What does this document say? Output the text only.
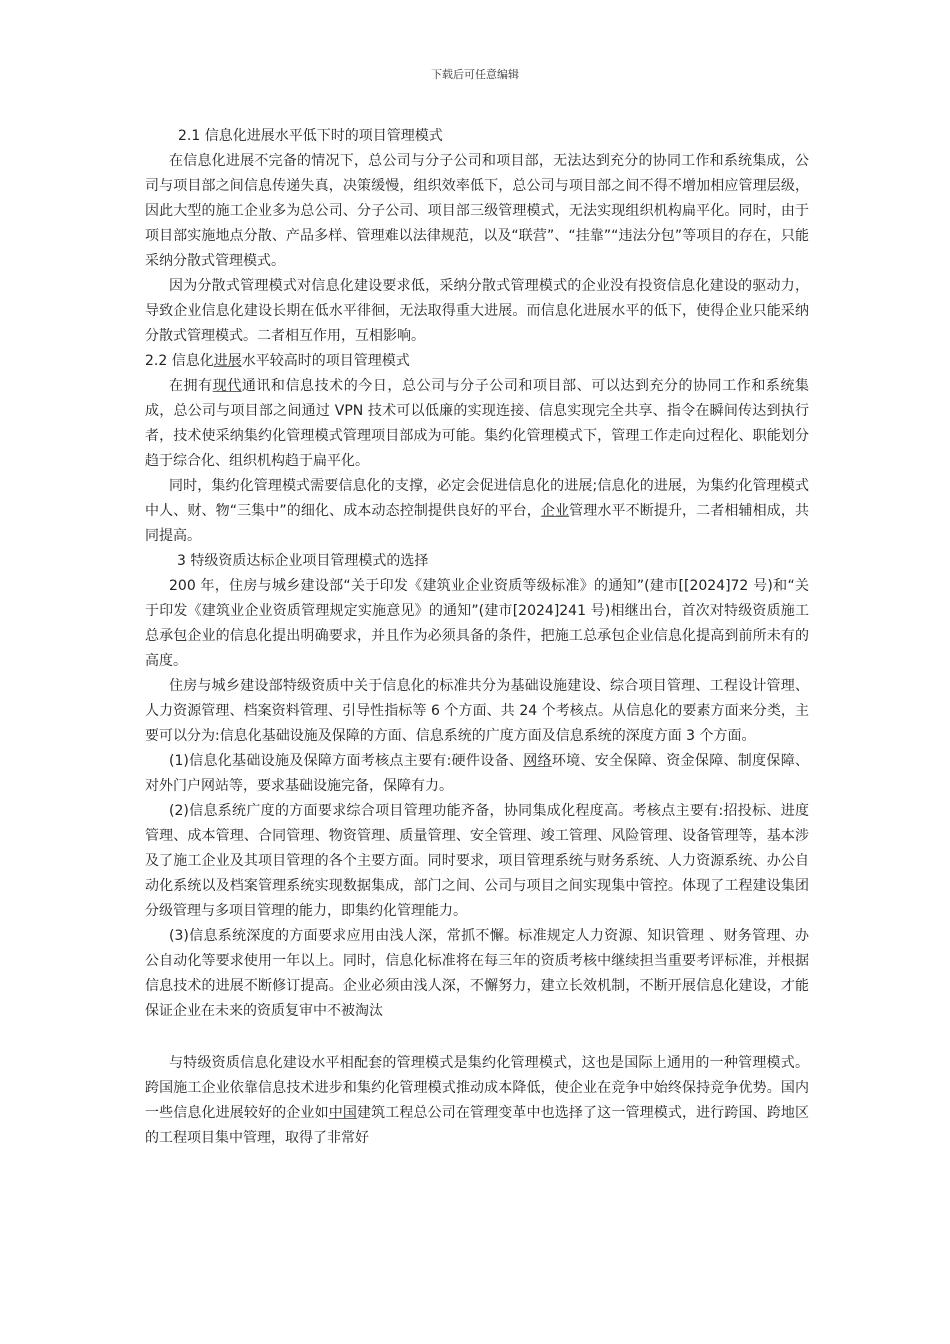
下载后可任意编辑

2.1 信息化进展水平低下时的项目管理模式

在信息化进展不完备的情况下，总公司与分子公司和项目部，无法达到充分的协同工作和系统集成，公司与项目部之间信息传递失真，决策缓慢，组织效率低下，总公司与项目部之间不得不增加相应管理层级，因此大型的施工企业多为总公司、分子公司、项目部三级管理模式，无法实现组织机构扁平化。同时，由于项目部实施地点分散、产品多样、管理难以法律规范，以及“联营”、“挂靠”“违法分包”等项目的存在，只能采纳分散式管理模式。

因为分散式管理模式对信息化建设要求低，采纳分散式管理模式的企业没有投资信息化建设的驱动力，导致企业信息化建设长期在低水平徘徊，无法取得重大进展。而信息化进展水平的低下，使得企业只能采纳分散式管理模式。二者相互作用，互相影响。

2.2 信息化进展水平较高时的项目管理模式

在拥有现代通讯和信息技术的今日，总公司与分子公司和项目部、可以达到充分的协同工作和系统集成，总公司与项目部之间通过 VPN 技术可以低廉的实现连接、信息实现完全共享、指令在瞬间传达到执行者，技术使采纳集约化管理模式管理项目部成为可能。集约化管理模式下，管理工作走向过程化、职能划分趋于综合化、组织机构趋于扁平化。

同时，集约化管理模式需要信息化的支撑，必定会促进信息化的进展;信息化的进展，为集约化管理模式中人、财、物“三集中”的细化、成本动态控制提供良好的平台，企业管理水平不断提升，二者相辅相成，共同提高。

3 特级资质达标企业项目管理模式的选择

200 年，住房与城乡建设部“关于印发《建筑业企业资质等级标准》的通知”(建市[[2024]72 号)和“关于印发《建筑业企业资质管理规定实施意见》的通知”(建市[2024]241 号)相继出台，首次对特级资质施工总承包企业的信息化提出明确要求，并且作为必须具备的条件，把施工总承包企业信息化提高到前所未有的高度。

住房与城乡建设部特级资质中关于信息化的标准共分为基础设施建设、综合项目管理、工程设计管理、人力资源管理、档案资料管理、引导性指标等 6 个方面、共 24 个考核点。从信息化的要素方面来分类，主要可以分为:信息化基础设施及保障的方面、信息系统的广度方面及信息系统的深度方面 3 个方面。

(1)信息化基础设施及保障方面考核点主要有:硬件设备、网络环境、安全保障、资金保障、制度保障、对外门户网站等，要求基础设施完备，保障有力。

(2)信息系统广度的方面要求综合项目管理功能齐备，协同集成化程度高。考核点主要有:招投标、进度管理、成本管理、合同管理、物资管理、质量管理、安全管理、竣工管理、风险管理、设备管理等，基本涉及了施工企业及其项目管理的各个主要方面。同时要求，项目管理系统与财务系统、人力资源系统、办公自动化系统以及档案管理系统实现数据集成，部门之间、公司与项目之间实现集中管控。体现了工程建设集团分级管理与多项目管理的能力，即集约化管理能力。

(3)信息系统深度的方面要求应用由浅人深，常抓不懈。标准规定人力资源、知识管理 、财务管理、办公自动化等要求使用一年以上。同时，信息化标准将在每三年的资质考核中继续担当重要考评标准，并根据信息技术的进展不断修订提高。企业必须由浅人深，不懈努力，建立长效机制，不断开展信息化建设，才能保证企业在未来的资质复审中不被淘汰

与特级资质信息化建设水平相配套的管理模式是集约化管理模式，这也是国际上通用的一种管理模式。跨国施工企业依靠信息技术进步和集约化管理模式推动成本降低，使企业在竞争中始终保持竞争优势。国内一些信息化进展较好的企业如中国建筑工程总公司在管理变革中也选择了这一管理模式，进行跨国、跨地区的工程项目集中管理，取得了非常好
